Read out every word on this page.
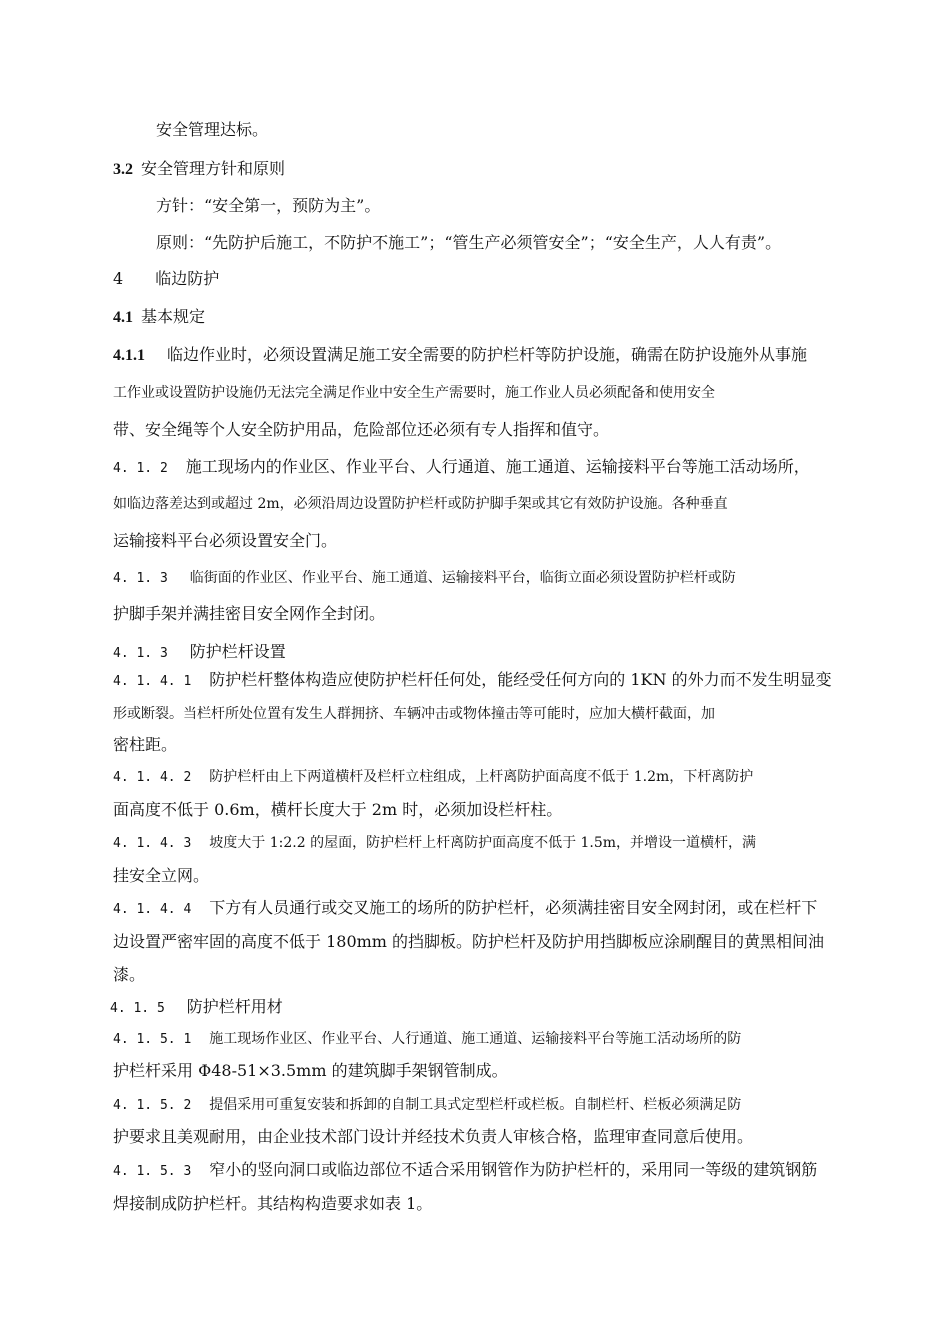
安全管理达标。
3.2 安全管理方针和原则
方针：“安全第一，预防为主”。
原则：“先防护后施工，不防护不施工”；“管生产必须管安全”；“安全生产，人人有责”。
4 临边防护
4.1 基本规定
4.1.1 临边作业时，必须设置满足施工安全需要的防护栏杆等防护设施，确需在防护设施外从事施
工作业或设置防护设施仍无法完全满足作业中安全生产需要时，施工作业人员必须配备和使用安全
带、安全绳等个人安全防护用品，危险部位还必须有专人指挥和值守。
4. 1. 2 施工现场内的作业区、作业平台、人行通道、施工通道、运输接料平台等施工活动场所，
如临边落差达到或超过 2m，必须沿周边设置防护栏杆或防护脚手架或其它有效防护设施。各种垂直
运输接料平台必须设置安全门。
4. 1. 3 临街面的作业区、作业平台、施工通道、运输接料平台，临街立面必须设置防护栏杆或防
护脚手架并满挂密目安全网作全封闭。
4. 1. 3 防护栏杆设置
4. 1. 4. 1 防护栏杆整体构造应使防护栏杆任何处，能经受任何方向的 1KN 的外力而不发生明显变
形或断裂。当栏杆所处位置有发生人群拥挤、车辆冲击或物体撞击等可能时，应加大横杆截面，加
密柱距。
4. 1. 4. 2 防护栏杆由上下两道横杆及栏杆立柱组成，上杆离防护面高度不低于 1.2m，下杆离防护
面高度不低于 0.6m，横杆长度大于 2m 时，必须加设栏杆柱。
4. 1. 4. 3 坡度大于 1:2.2 的屋面，防护栏杆上杆离防护面高度不低于 1.5m，并增设一道横杆，满
挂安全立网。
4. 1. 4. 4 下方有人员通行或交叉施工的场所的防护栏杆，必须满挂密目安全网封闭，或在栏杆下
边设置严密牢固的高度不低于 180mm 的挡脚板。防护栏杆及防护用挡脚板应涂刷醒目的黄黑相间油
漆。
4. 1. 5 防护栏杆用材
4. 1. 5. 1 施工现场作业区、作业平台、人行通道、施工通道、运输接料平台等施工活动场所的防
护栏杆采用 Φ48-51×3.5mm 的建筑脚手架钢管制成。
4. 1. 5. 2 提倡采用可重复安装和拆卸的自制工具式定型栏杆或栏板。自制栏杆、栏板必须满足防
护要求且美观耐用，由企业技术部门设计并经技术负责人审核合格，监理审查同意后使用。
4. 1. 5. 3 窄小的竖向洞口或临边部位不适合采用钢管作为防护栏杆的，采用同一等级的建筑钢筋
焊接制成防护栏杆。其结构构造要求如表 1。
